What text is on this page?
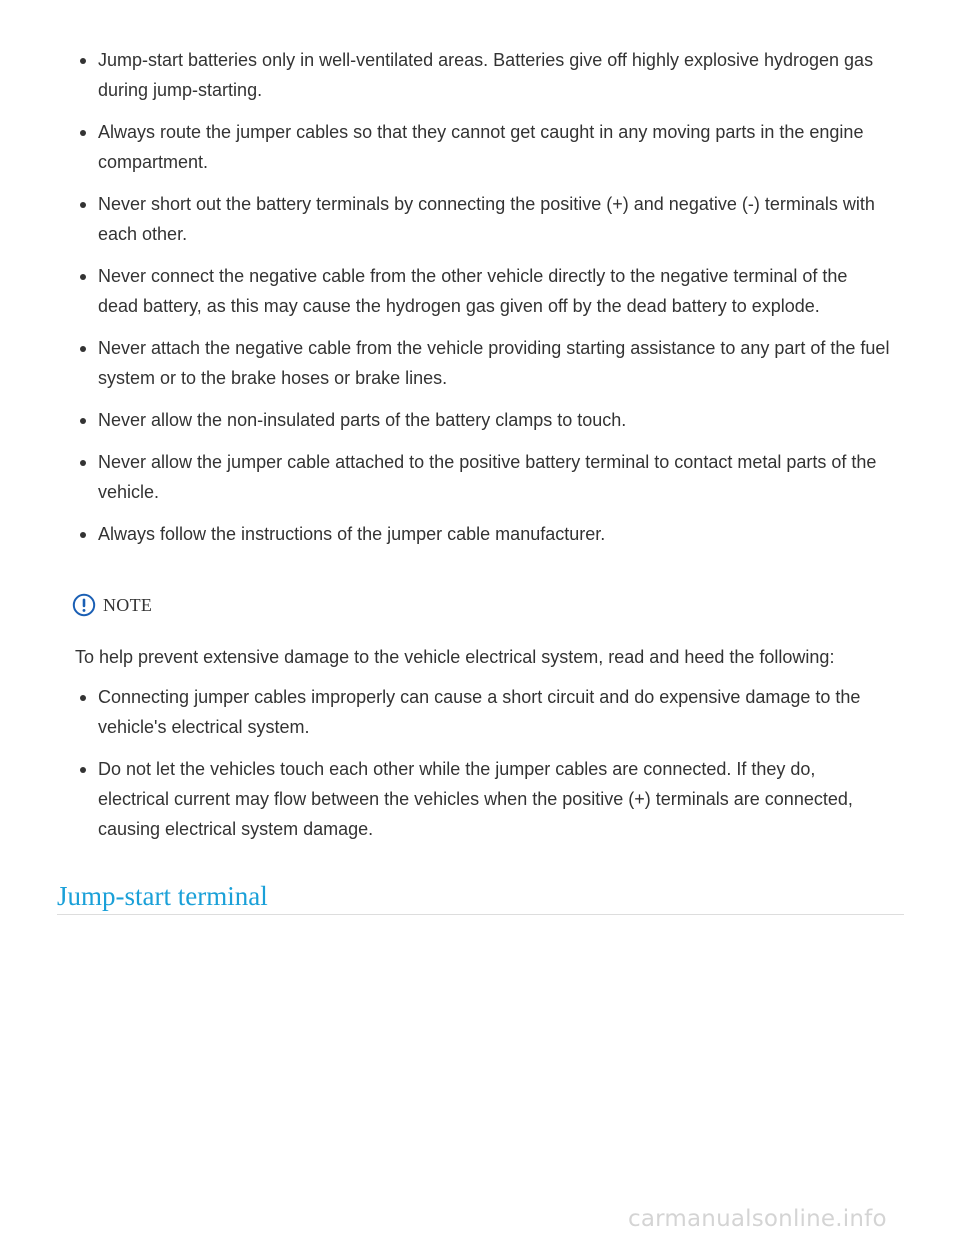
Jump-start batteries only in well-ventilated areas. Batteries give off highly explosive hydrogen gas during jump-starting.
Always route the jumper cables so that they cannot get caught in any moving parts in the engine compartment.
Never short out the battery terminals by connecting the positive (+) and negative (-) terminals with each other.
Never connect the negative cable from the other vehicle directly to the negative terminal of the dead battery, as this may cause the hydrogen gas given off by the dead battery to explode.
Never attach the negative cable from the vehicle providing starting assistance to any part of the fuel system or to the brake hoses or brake lines.
Never allow the non-insulated parts of the battery clamps to touch.
Never allow the jumper cable attached to the positive battery terminal to contact metal parts of the vehicle.
Always follow the instructions of the jumper cable manufacturer.
NOTE

To help prevent extensive damage to the vehicle electrical system, read and heed the following:

Connecting jumper cables improperly can cause a short circuit and do expensive damage to the vehicle's electrical system.
Do not let the vehicles touch each other while the jumper cables are connected. If they do, electrical current may flow between the vehicles when the positive (+) terminals are connected, causing electrical system damage.
Jump-start terminal
carmanualsonline.info
